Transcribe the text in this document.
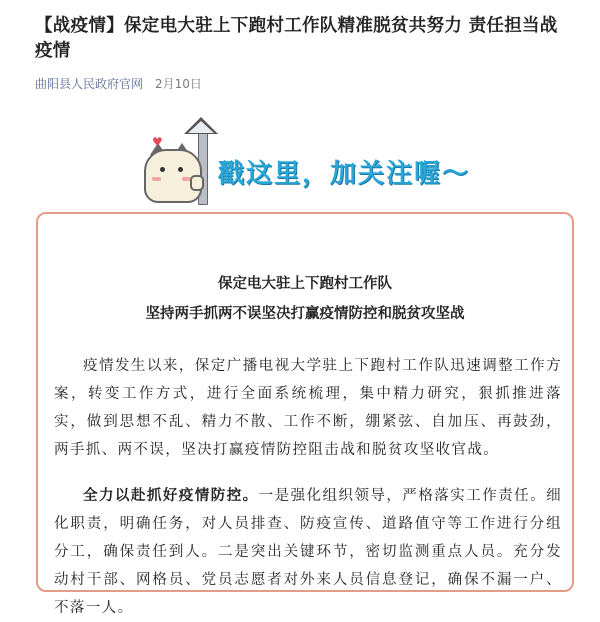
【战疫情】保定电大驻上下跑村工作队精准脱贫共努力 责任担当战疫情
曲阳县人民政府官网 2月10日
♥
戳这里，加关注喔～
保定电大驻上下跑村工作队
坚持两手抓两不误坚决打赢疫情防控和脱贫攻坚战
疫情发生以来，保定广播电视大学驻上下跑村工作队迅速调整工作方案，转变工作方式，进行全面系统梳理，集中精力研究，狠抓推进落实，做到思想不乱、精力不散、工作不断，绷紧弦、自加压、再鼓劲，两手抓、两不误，坚决打赢疫情防控阻击战和脱贫攻坚收官战。
全力以赴抓好疫情防控。一是强化组织领导，严格落实工作责任。细化职责，明确任务，对人员排查、防疫宣传、道路值守等工作进行分组分工，确保责任到人。二是突出关键环节，密切监测重点人员。充分发动村干部、网格员、党员志愿者对外来人员信息登记，确保不漏一户、不落一人。
